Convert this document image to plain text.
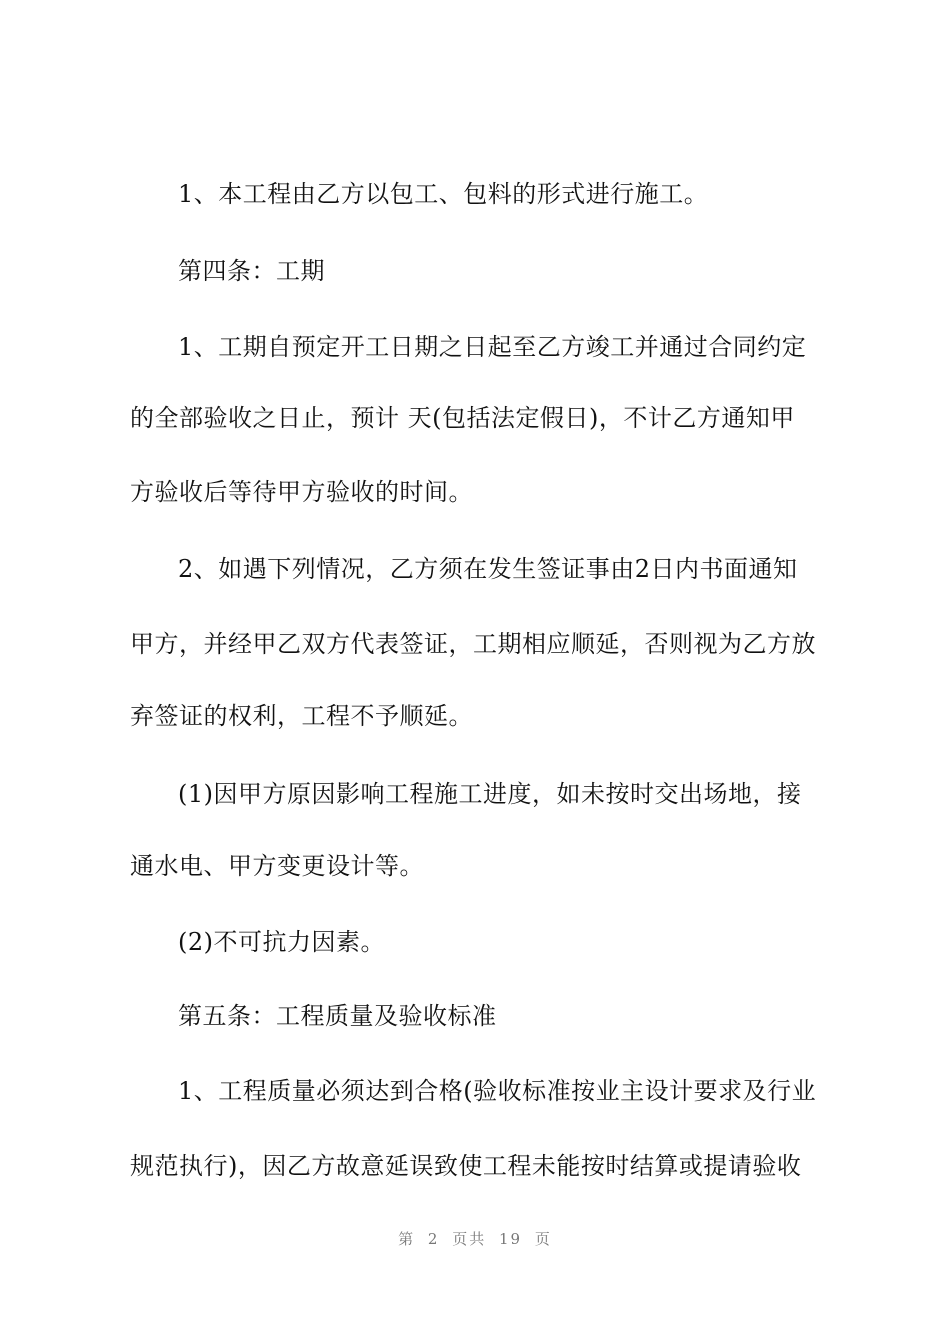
1、本工程由乙方以包工、包料的形式进行施工。
第四条：工期
1、工期自预定开工日期之日起至乙方竣工并通过合同约定
的全部验收之日止，预计 天(包括法定假日)，不计乙方通知甲
方验收后等待甲方验收的时间。
2、如遇下列情况，乙方须在发生签证事由2日内书面通知
甲方，并经甲乙双方代表签证，工期相应顺延，否则视为乙方放
弃签证的权利，工程不予顺延。
(1)因甲方原因影响工程施工进度，如未按时交出场地，接
通水电、甲方变更设计等。
(2)不可抗力因素。
第五条：工程质量及验收标准
1、工程质量必须达到合格(验收标准按业主设计要求及行业
规范执行)，因乙方故意延误致使工程未能按时结算或提请验收
第 2 页共 19 页
